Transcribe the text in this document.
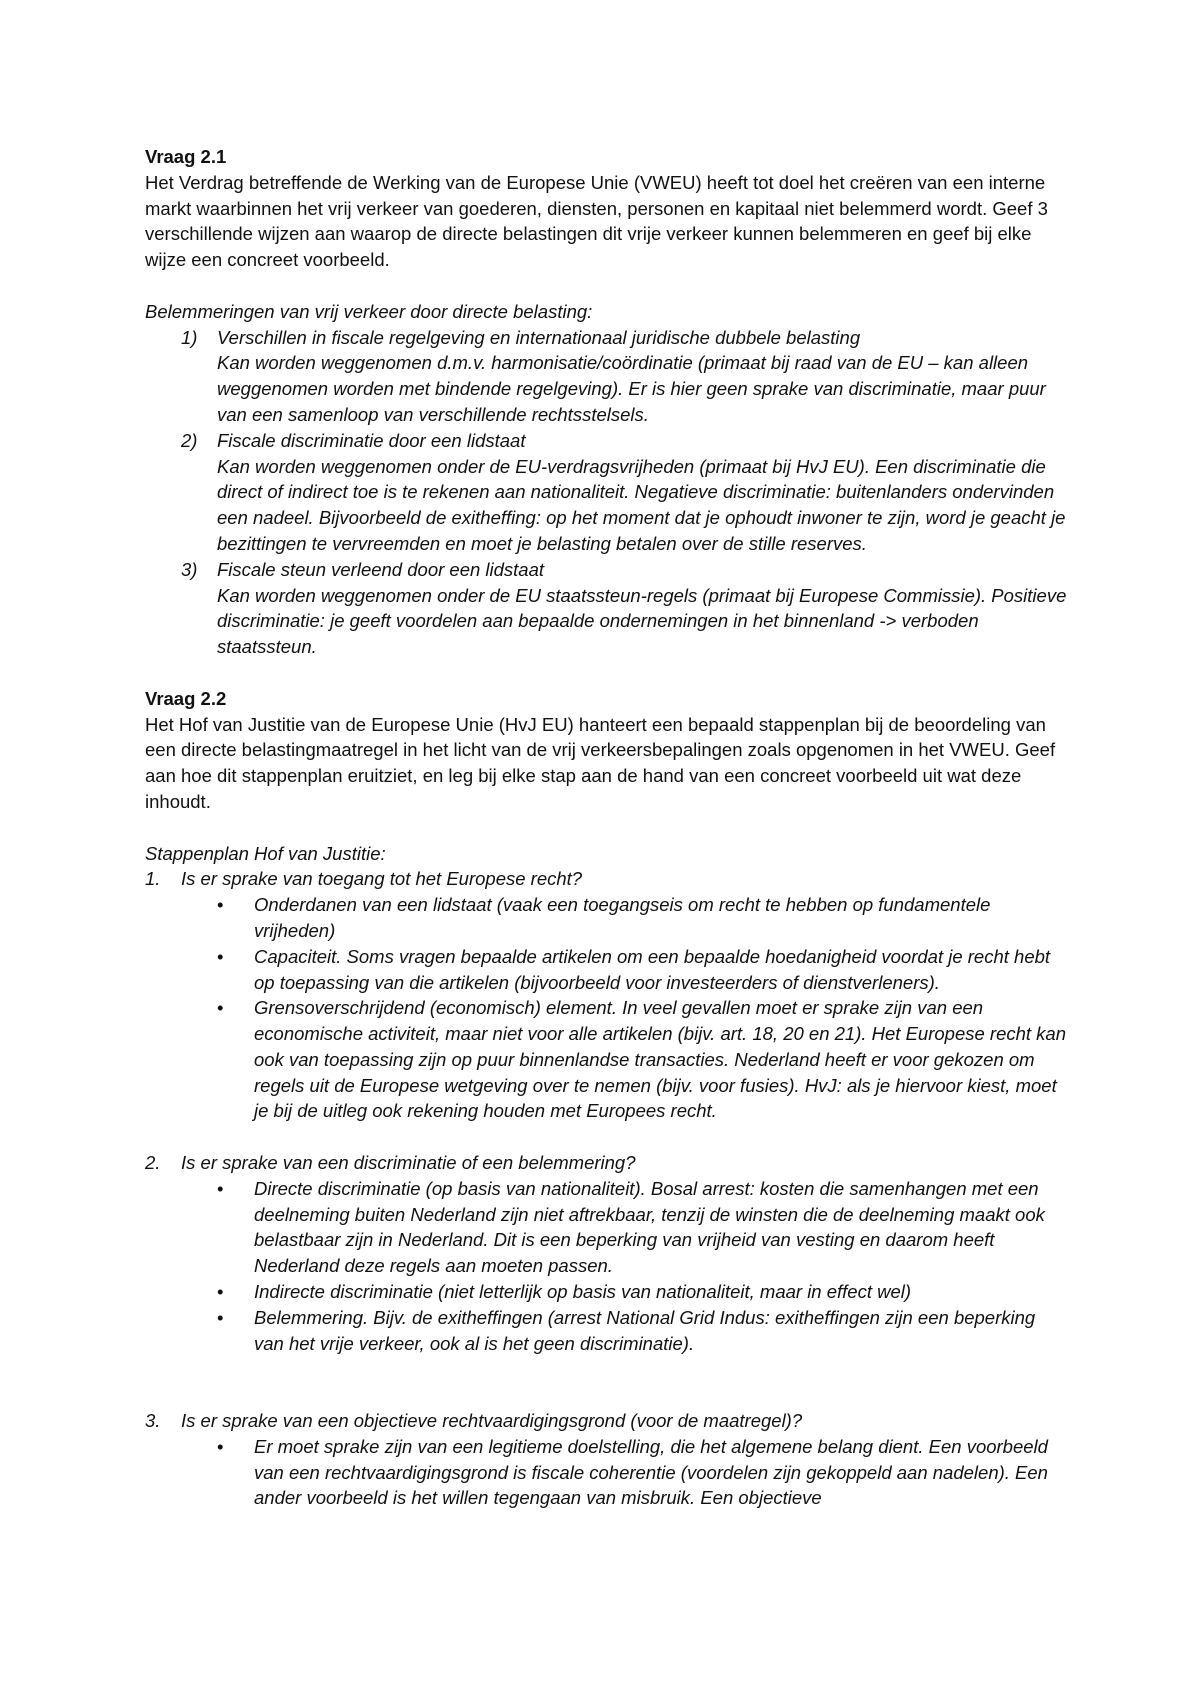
Vraag 2.1

Het Verdrag betreffende de Werking van de Europese Unie (VWEU) heeft tot doel het creëren van een interne markt waarbinnen het vrij verkeer van goederen, diensten, personen en kapitaal niet belemmerd wordt. Geef 3 verschillende wijzen aan waarop de directe belastingen dit vrije verkeer kunnen belemmeren en geef bij elke wijze een concreet voorbeeld.

Belemmeringen van vrij verkeer door directe belasting:

1)	Verschillen in fiscale regelgeving en internationaal juridische dubbele belasting
Kan worden weggenomen d.m.v. harmonisatie/coördinatie (primaat bij raad van de EU – kan alleen weggenomen worden met bindende regelgeving). Er is hier geen sprake van discriminatie, maar puur van een samenloop van verschillende rechtsstelsels.
2)	Fiscale discriminatie door een lidstaat
Kan worden weggenomen onder de EU-verdragsvrijheden (primaat bij HvJ EU). Een discriminatie die direct of indirect toe is te rekenen aan nationaliteit. Negatieve discriminatie: buitenlanders ondervinden een nadeel. Bijvoorbeeld de exitheffing: op het moment dat je ophoudt inwoner te zijn, word je geacht je bezittingen te vervreemden en moet je belasting betalen over de stille reserves.
3)	Fiscale steun verleend door een lidstaat
Kan worden weggenomen onder de EU staatssteun-regels (primaat bij Europese Commissie). Positieve discriminatie: je geeft voordelen aan bepaalde ondernemingen in het binnenland -> verboden staatssteun.

Vraag 2.2

Het Hof van Justitie van de Europese Unie (HvJ EU) hanteert een bepaald stappenplan bij de beoordeling van een directe belastingmaatregel in het licht van de vrij verkeersbepalingen zoals opgenomen in het VWEU. Geef aan hoe dit stappenplan eruitziet, en leg bij elke stap aan de hand van een concreet voorbeeld uit wat deze inhoudt.

Stappenplan Hof van Justitie:

1.	Is er sprake van toegang tot het Europese recht?
•	Onderdanen van een lidstaat (vaak een toegangseis om recht te hebben op fundamentele vrijheden)
•	Capaciteit. Soms vragen bepaalde artikelen om een bepaalde hoedanigheid voordat je recht hebt op toepassing van die artikelen (bijvoorbeeld voor investeerders of dienstverleners).
•	Grensoverschrijdend (economisch) element. In veel gevallen moet er sprake zijn van een economische activiteit, maar niet voor alle artikelen (bijv. art. 18, 20 en 21). Het Europese recht kan ook van toepassing zijn op puur binnenlandse transacties. Nederland heeft er voor gekozen om regels uit de Europese wetgeving over te nemen (bijv. voor fusies). HvJ: als je hiervoor kiest, moet je bij de uitleg ook rekening houden met Europees recht.
2.	Is er sprake van een discriminatie of een belemmering?
•	Directe discriminatie (op basis van nationaliteit). Bosal arrest: kosten die samenhangen met een deelneming buiten Nederland zijn niet aftrekbaar, tenzij de winsten die de deelneming maakt ook belastbaar zijn in Nederland. Dit is een beperking van vrijheid van vesting en daarom heeft Nederland deze regels aan moeten passen.
•	Indirecte discriminatie (niet letterlijk op basis van nationaliteit, maar in effect wel)
•	Belemmering. Bijv. de exitheffingen (arrest National Grid Indus: exitheffingen zijn een beperking van het vrije verkeer, ook al is het geen discriminatie).
3.	Is er sprake van een objectieve rechtvaardigingsgrond (voor de maatregel)?
•	Er moet sprake zijn van een legitieme doelstelling, die het algemene belang dient. Een voorbeeld van een rechtvaardigingsgrond is fiscale coherentie (voordelen zijn gekoppeld aan nadelen). Een ander voorbeeld is het willen tegengaan van misbruik. Een objectieve
